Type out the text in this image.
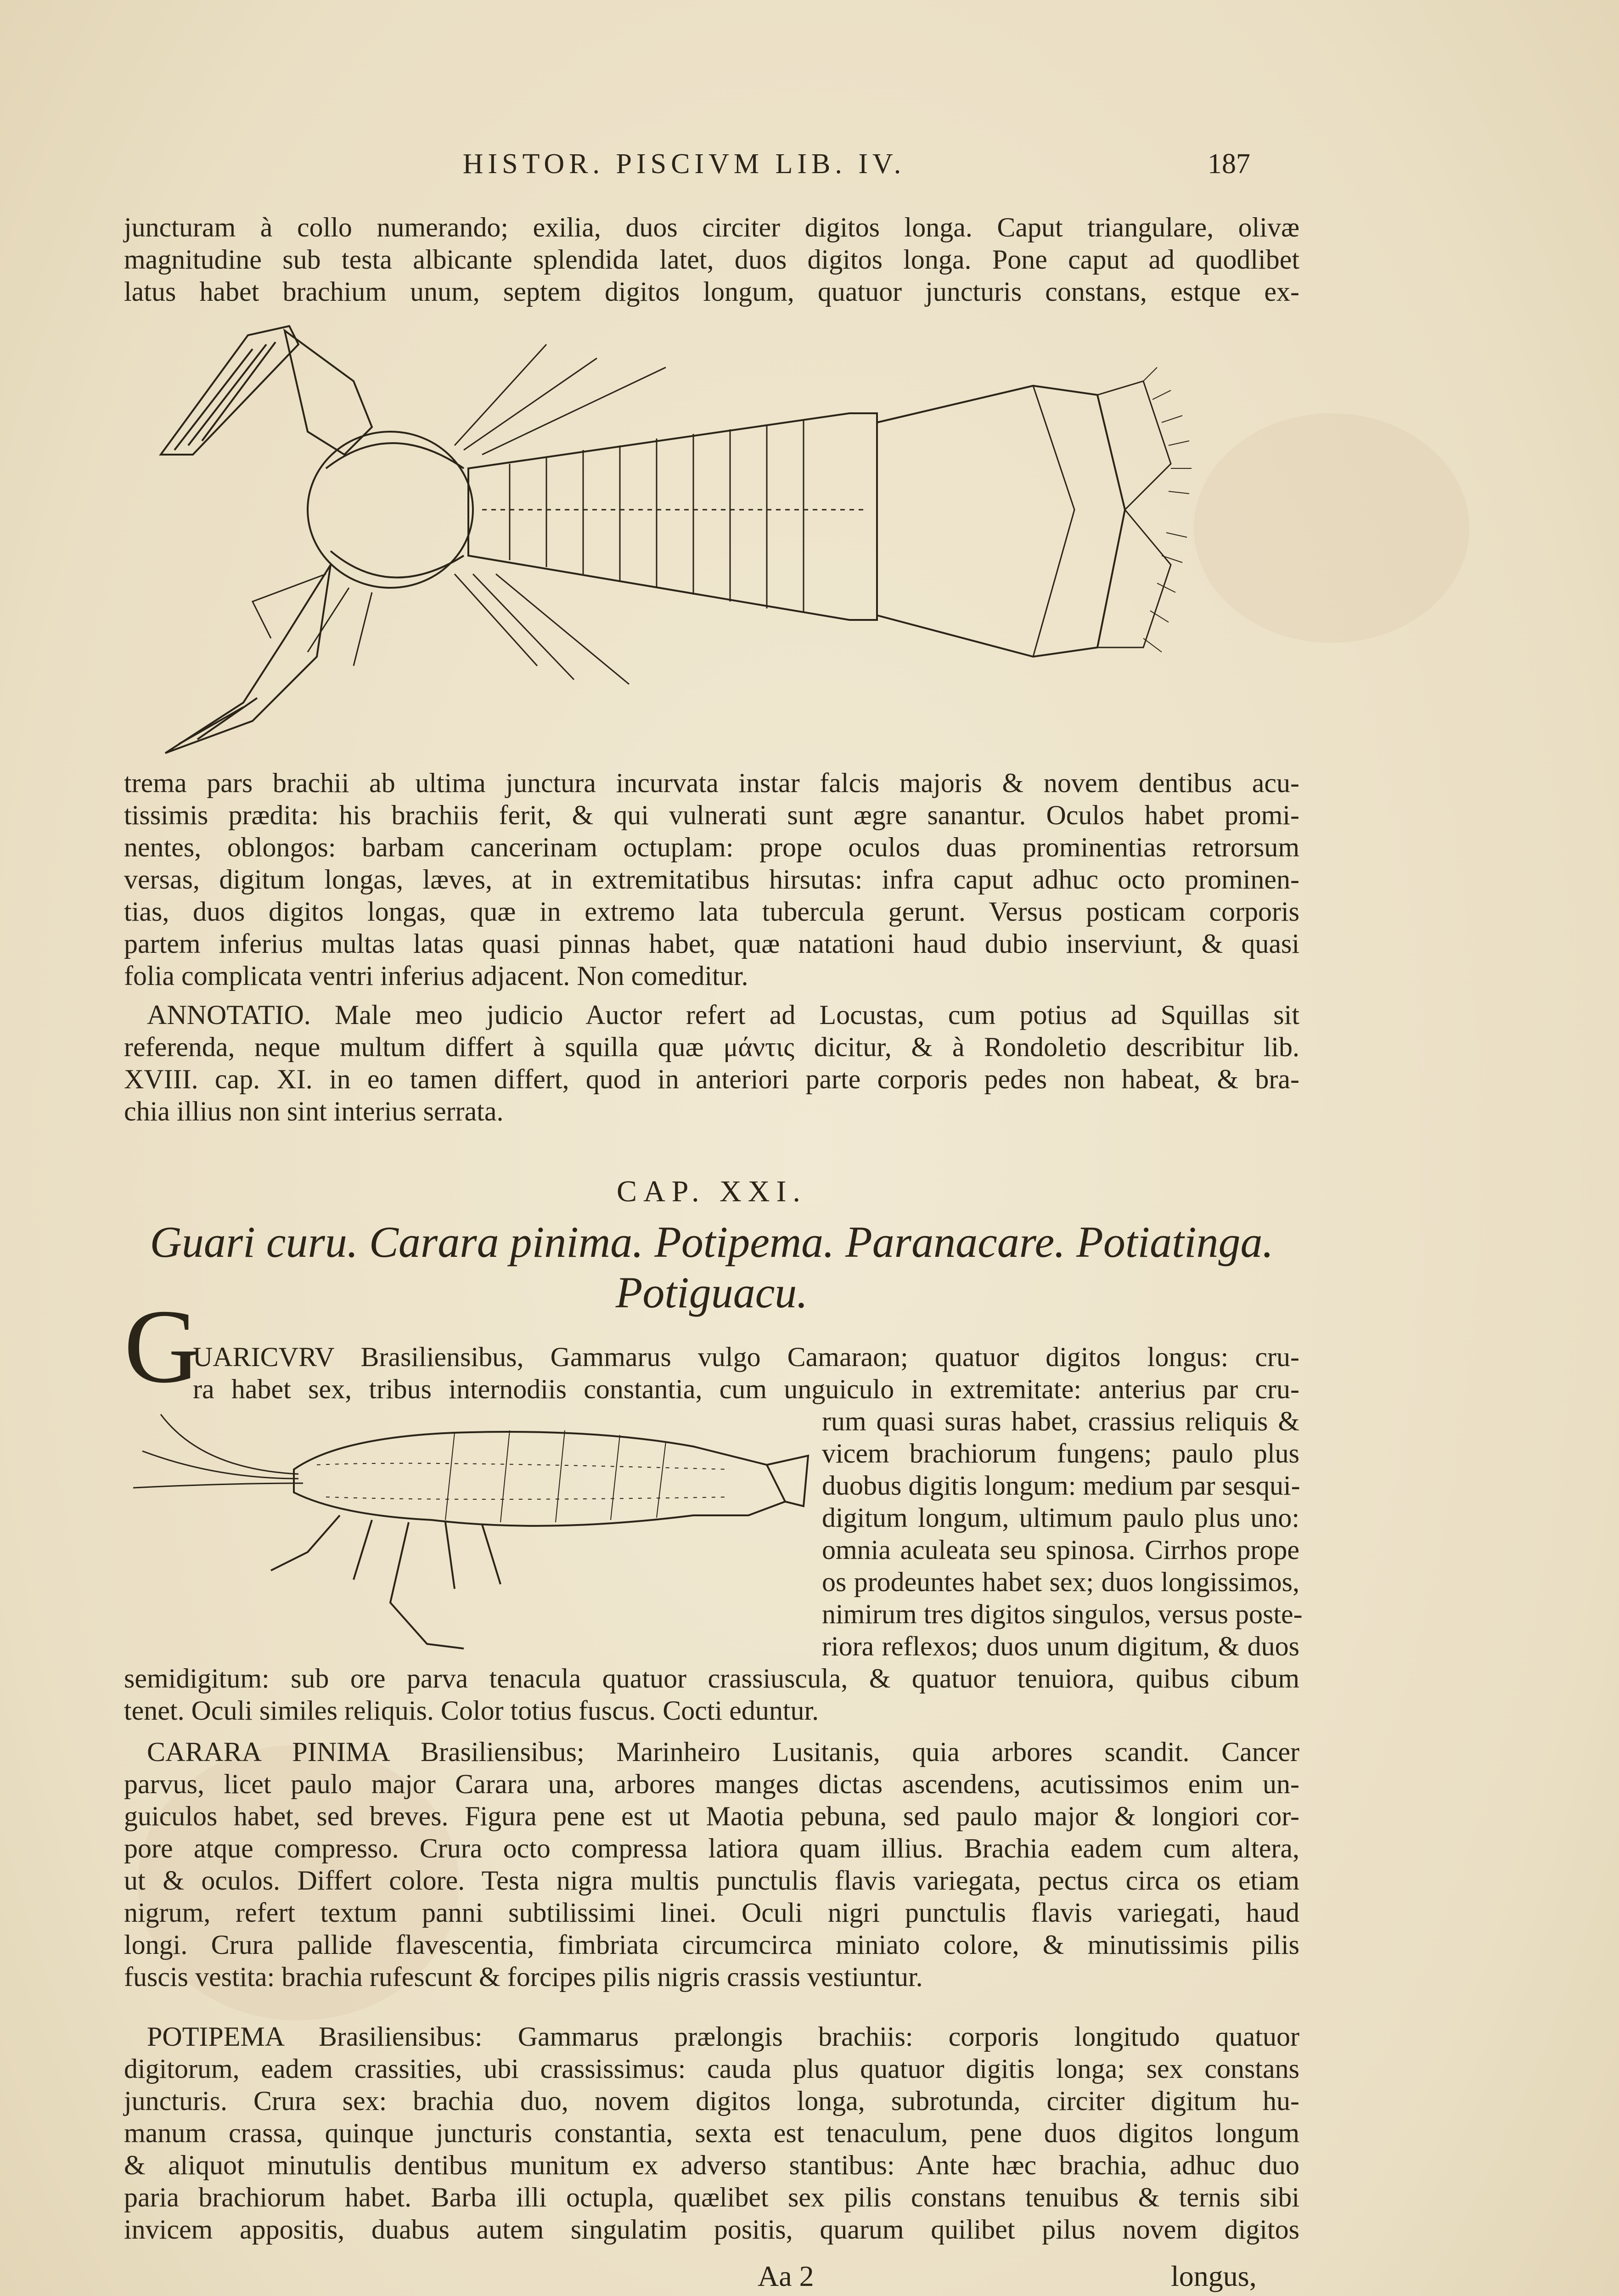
HISTOR. PISCIVM LIB. IV.	187
juncturam à collo numerando; exilia, duos circiter digitos longa. Caput triangulare, olivæ
magnitudine sub testa albicante splendida latet, duos digitos longa. Pone caput ad quodlibet
latus habet brachium unum, septem digitos longum, quatuor juncturis constans, estque ex-
trema pars brachii ab ultima junctura incurvata instar falcis majoris & novem dentibus acu-
tissimis prædita: his brachiis ferit, & qui vulnerati sunt ægre sanantur. Oculos habet promi-
nentes, oblongos: barbam cancerinam octuplam: prope oculos duas prominentias retrorsum
versas, digitum longas, læves, at in extremitatibus hirsutas: infra caput adhuc octo prominen-
tias, duos digitos longas, quæ in extremo lata tubercula gerunt. Versus posticam corporis
partem inferius multas latas quasi pinnas habet, quæ natationi haud dubio inserviunt, & quasi
folia complicata ventri inferius adjacent. Non comeditur.
ANNOTATIO. Male meo judicio Auctor refert ad Locustas, cum potius ad Squillas sit
referenda, neque multum differt à squilla quæ μάντις dicitur, & à Rondoletio describitur lib.
XVIII. cap. XI. in eo tamen differt, quod in anteriori parte corporis pedes non habeat, & bra-
chia illius non sint interius serrata.
CAP. XXI.
Guari curu. Carara pinima. Potipema. Paranacare. Potiatinga.
Potiguacu.
G
UARICVRV Brasiliensibus, Gammarus vulgo Camaraon; quatuor digitos longus: cru-
ra habet sex, tribus internodiis constantia, cum unguiculo in extremitate: anterius par cru-
rum quasi suras habet, crassius reliquis &
vicem brachiorum fungens; paulo plus
duobus digitis longum: medium par sesqui-
digitum longum, ultimum paulo plus uno:
omnia aculeata seu spinosa. Cirrhos prope
os prodeuntes habet sex; duos longissimos,
nimirum tres digitos singulos, versus poste-
riora reflexos; duos unum digitum, & duos
semidigitum: sub ore parva tenacula quatuor crassiuscula, & quatuor tenuiora, quibus cibum
tenet. Oculi similes reliquis. Color totius fuscus. Cocti eduntur.
CARARA PINIMA Brasiliensibus; Marinheiro Lusitanis, quia arbores scandit. Cancer
parvus, licet paulo major Carara una, arbores manges dictas ascendens, acutissimos enim un-
guiculos habet, sed breves. Figura pene est ut Maotia pebuna, sed paulo major & longiori cor-
pore atque compresso. Crura octo compressa latiora quam illius. Brachia eadem cum altera,
ut & oculos. Differt colore. Testa nigra multis punctulis flavis variegata, pectus circa os etiam
nigrum, refert textum panni subtilissimi linei. Oculi nigri punctulis flavis variegati, haud
longi. Crura pallide flavescentia, fimbriata circumcirca miniato colore, & minutissimis pilis
fuscis vestita: brachia rufescunt & forcipes pilis nigris crassis vestiuntur.
POTIPEMA Brasiliensibus: Gammarus prælongis brachiis: corporis longitudo quatuor
digitorum, eadem crassities, ubi crassissimus: cauda plus quatuor digitis longa; sex constans
juncturis. Crura sex: brachia duo, novem digitos longa, subrotunda, circiter digitum hu-
manum crassa, quinque juncturis constantia, sexta est tenaculum, pene duos digitos longum
& aliquot minutulis dentibus munitum ex adverso stantibus: Ante hæc brachia, adhuc duo
paria brachiorum habet. Barba illi octupla, quælibet sex pilis constans tenuibus & ternis sibi
invicem appositis, duabus autem singulatim positis, quarum quilibet pilus novem digitos
Aa 2	longus,
